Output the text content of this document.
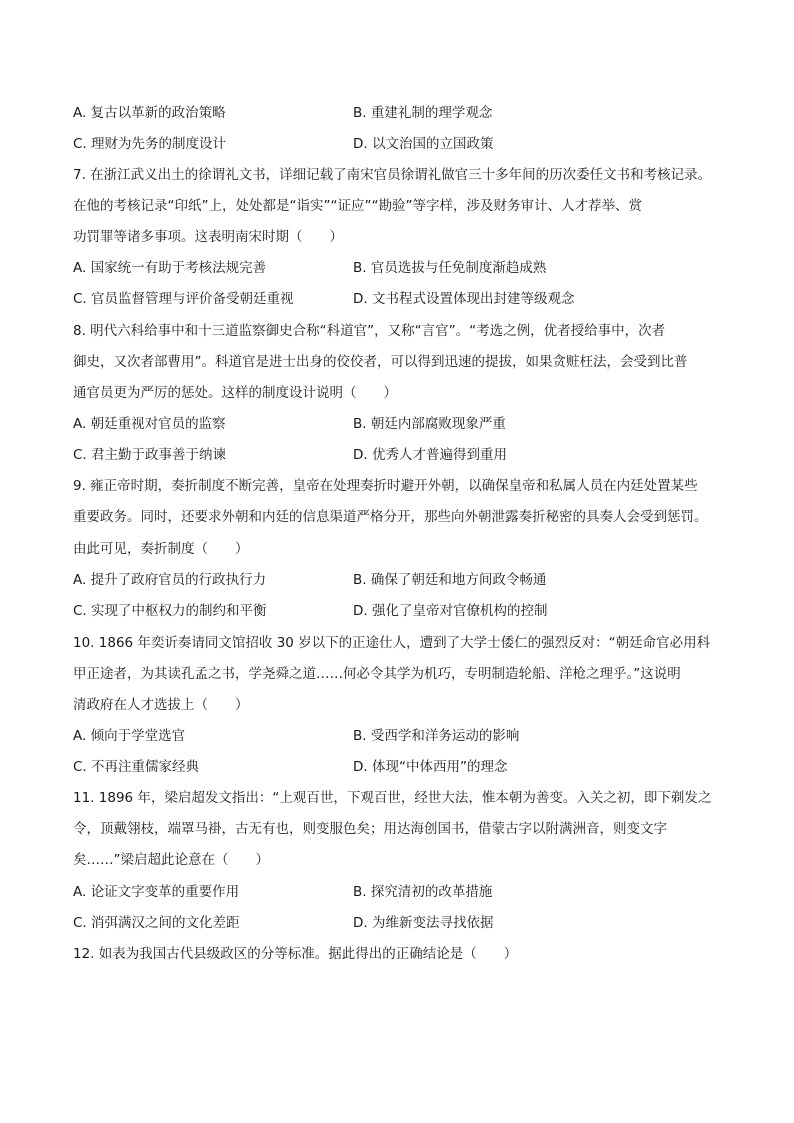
A. 复古以革新的政治策略	B. 重建礼制的理学观念
C. 理财为先务的制度设计	D. 以文治国的立国政策
7. 在浙江武义出土的徐谓礼文书，详细记载了南宋官员徐谓礼做官三十多年间的历次委任文书和考核记录。
在他的考核记录“印纸”上，处处都是“诣实”“证应”“勘验”等字样，涉及财务审计、人才荐举、赏
功罚罪等诸多事项。这表明南宋时期（　　）
A. 国家统一有助于考核法规完善	B. 官员选拔与任免制度渐趋成熟
C. 官员监督管理与评价备受朝廷重视	D. 文书程式设置体现出封建等级观念
8. 明代六科给事中和十三道监察御史合称“科道官”，又称“言官”。“考选之例，优者授给事中，次者
御史，又次者部曹用”。科道官是进士出身的佼佼者，可以得到迅速的提拔，如果贪赃枉法，会受到比普
通官员更为严厉的惩处。这样的制度设计说明（　　）
A. 朝廷重视对官员的监察	B. 朝廷内部腐败现象严重
C. 君主勤于政事善于纳谏	D. 优秀人才普遍得到重用
9. 雍正帝时期，奏折制度不断完善，皇帝在处理奏折时避开外朝，以确保皇帝和私属人员在内廷处置某些
重要政务。同时，还要求外朝和内廷的信息渠道严格分开，那些向外朝泄露奏折秘密的具奏人会受到惩罚。
由此可见，奏折制度（　　）
A. 提升了政府官员的行政执行力	B. 确保了朝廷和地方间政令畅通
C. 实现了中枢权力的制约和平衡	D. 强化了皇帝对官僚机构的控制
10. 1866 年奕䜣奏请同文馆招收 30 岁以下的正途仕人，遭到了大学士倭仁的强烈反对：“朝廷命官必用科
甲正途者，为其读孔孟之书，学尧舜之道……何必令其学为机巧，专明制造轮船、洋枪之理乎。”这说明
清政府在人才选拔上（　　）
A. 倾向于学堂选官	B. 受西学和洋务运动的影响
C. 不再注重儒家经典	D. 体现“中体西用”的理念
11. 1896 年，梁启超发文指出：“上观百世，下观百世，经世大法，惟本朝为善变。入关之初，即下剃发之
令，顶戴翎枝，端罩马褂，古无有也，则变服色矣；用达海创国书，借蒙古字以附满洲音，则变文字
矣……”梁启超此论意在（　　）
A. 论证文字变革的重要作用	B. 探究清初的改革措施
C. 消弭满汉之间的文化差距	D. 为维新变法寻找依据
12. 如表为我国古代县级政区的分等标准。据此得出的正确结论是（　　）
